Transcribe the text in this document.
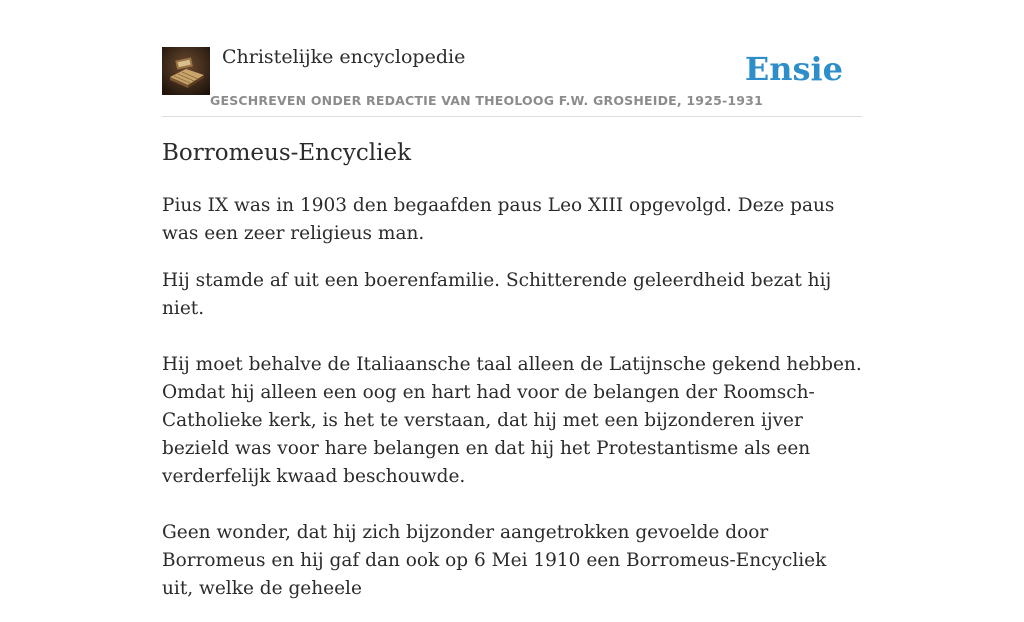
Christelijke encyclopedie
GESCHREVEN ONDER REDACTIE VAN THEOLOOG F.W. GROSHEIDE, 1925-1931
Ensie
Borromeus-Encycliek

Pius IX was in 1903 den begaafden paus Leo XIII opgevolgd. Deze paus was een zeer religieus man.

Hij stamde af uit een boerenfamilie. Schitterende geleerdheid bezat hij niet.

Hij moet behalve de Italiaansche taal alleen de Latijnsche gekend hebben. Omdat hij alleen een oog en hart had voor de belangen der Roomsch-Catholieke kerk, is het te verstaan, dat hij met een bijzonderen ijver bezield was voor hare belangen en dat hij het Protestantisme als een verderfelijk kwaad beschouwde.

Geen wonder, dat hij zich bijzonder aangetrokken gevoelde door Borromeus en hij gaf dan ook op 6 Mei 1910 een Borromeus-Encycliek uit, welke de geheele
